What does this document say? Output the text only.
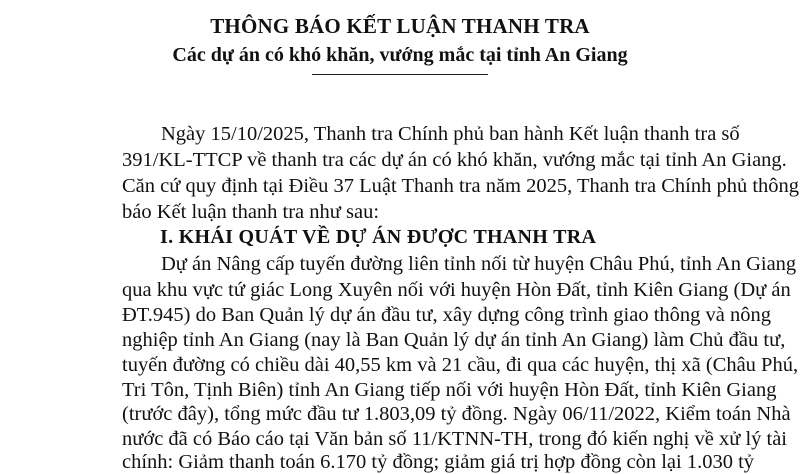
THÔNG BÁO KẾT LUẬN THANH TRA
Các dự án có khó khăn, vướng mắc tại tỉnh An Giang
Ngày 15/10/2025, Thanh tra Chính phủ ban hành Kết luận thanh tra số
391/KL-TTCP về thanh tra các dự án có khó khăn, vướng mắc tại tỉnh An Giang.
Căn cứ quy định tại Điều 37 Luật Thanh tra năm 2025, Thanh tra Chính phủ thông
báo Kết luận thanh tra như sau:
I. KHÁI QUÁT VỀ DỰ ÁN ĐƯỢC THANH TRA
Dự án Nâng cấp tuyến đường liên tỉnh nối từ huyện Châu Phú, tỉnh An Giang
qua khu vực tứ giác Long Xuyên nối với huyện Hòn Đất, tỉnh Kiên Giang (Dự án
ĐT.945) do Ban Quản lý dự án đầu tư, xây dựng công trình giao thông và nông
nghiệp tỉnh An Giang (nay là Ban Quản lý dự án tỉnh An Giang) làm Chủ đầu tư,
tuyến đường có chiều dài 40,55 km và 21 cầu, đi qua các huyện, thị xã (Châu Phú,
Tri Tôn, Tịnh Biên) tỉnh An Giang tiếp nối với huyện Hòn Đất, tỉnh Kiên Giang
(trước đây), tổng mức đầu tư 1.803,09 tỷ đồng. Ngày 06/11/2022, Kiểm toán Nhà
nước đã có Báo cáo tại Văn bản số 11/KTNN-TH, trong đó kiến nghị về xử lý tài
chính: Giảm thanh toán 6.170 tỷ đồng; giảm giá trị hợp đồng còn lại 1.030 tỷ
